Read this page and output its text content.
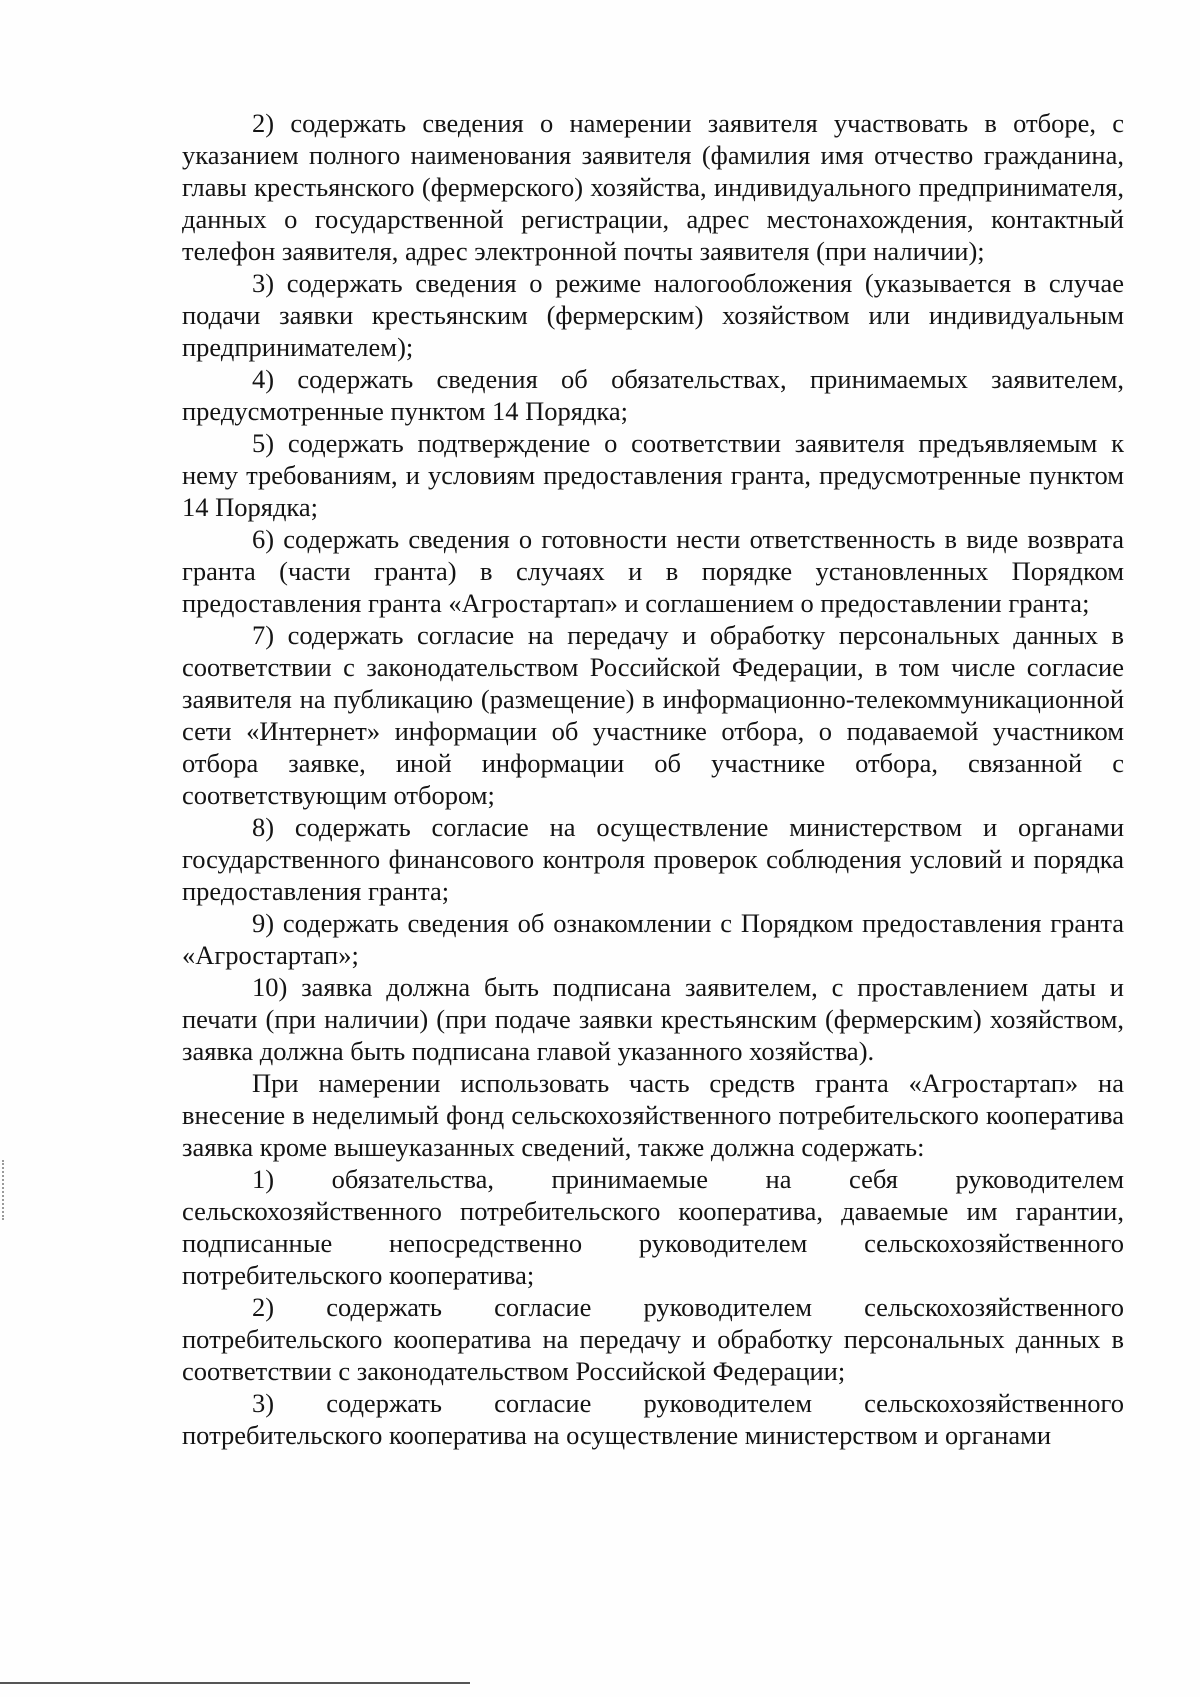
2) содержать сведения о намерении заявителя участвовать в отборе, с указанием полного наименования заявителя (фамилия имя отчество гражданина, главы крестьянского (фермерского) хозяйства, индивидуального предпринимателя, данных о государственной регистрации, адрес местонахождения, контактный телефон заявителя, адрес электронной почты заявителя (при наличии);

3) содержать сведения о режиме налогообложения (указывается в случае подачи заявки крестьянским (фермерским) хозяйством или индивидуальным предпринимателем);

4) содержать сведения об обязательствах, принимаемых заявителем, предусмотренные пунктом 14 Порядка;

5) содержать подтверждение о соответствии заявителя предъявляемым к нему требованиям, и условиям предоставления гранта, предусмотренные пунктом 14 Порядка;

6) содержать сведения о готовности нести ответственность в виде возврата гранта (части гранта) в случаях и в порядке установленных Порядком предоставления гранта «Агростартап» и соглашением о предоставлении гранта;

7) содержать согласие на передачу и обработку персональных данных в соответствии с законодательством Российской Федерации, в том числе согласие заявителя на публикацию (размещение) в информационно-телекоммуникационной сети «Интернет» информации об участнике отбора, о подаваемой участником отбора заявке, иной информации об участнике отбора, связанной с соответствующим отбором;

8) содержать согласие на осуществление министерством и органами государственного финансового контроля проверок соблюдения условий и порядка предоставления гранта;

9) содержать сведения об ознакомлении с Порядком предоставления гранта «Агростартап»;

10) заявка должна быть подписана заявителем, с проставлением даты и печати (при наличии) (при подаче заявки крестьянским (фермерским) хозяйством, заявка должна быть подписана главой указанного хозяйства).

При намерении использовать часть средств гранта «Агростартап» на внесение в неделимый фонд сельскохозяйственного потребительского кооператива заявка кроме вышеуказанных сведений, также должна содержать:

1) обязательства, принимаемые на себя руководителем сельскохозяйственного потребительского кооператива, даваемые им гарантии, подписанные непосредственно руководителем сельскохозяйственного потребительского кооператива;

2) содержать согласие руководителем сельскохозяйственного потребительского кооператива на передачу и обработку персональных данных в соответствии с законодательством Российской Федерации;

3) содержать согласие руководителем сельскохозяйственного потребительского кооператива на осуществление министерством и органами
